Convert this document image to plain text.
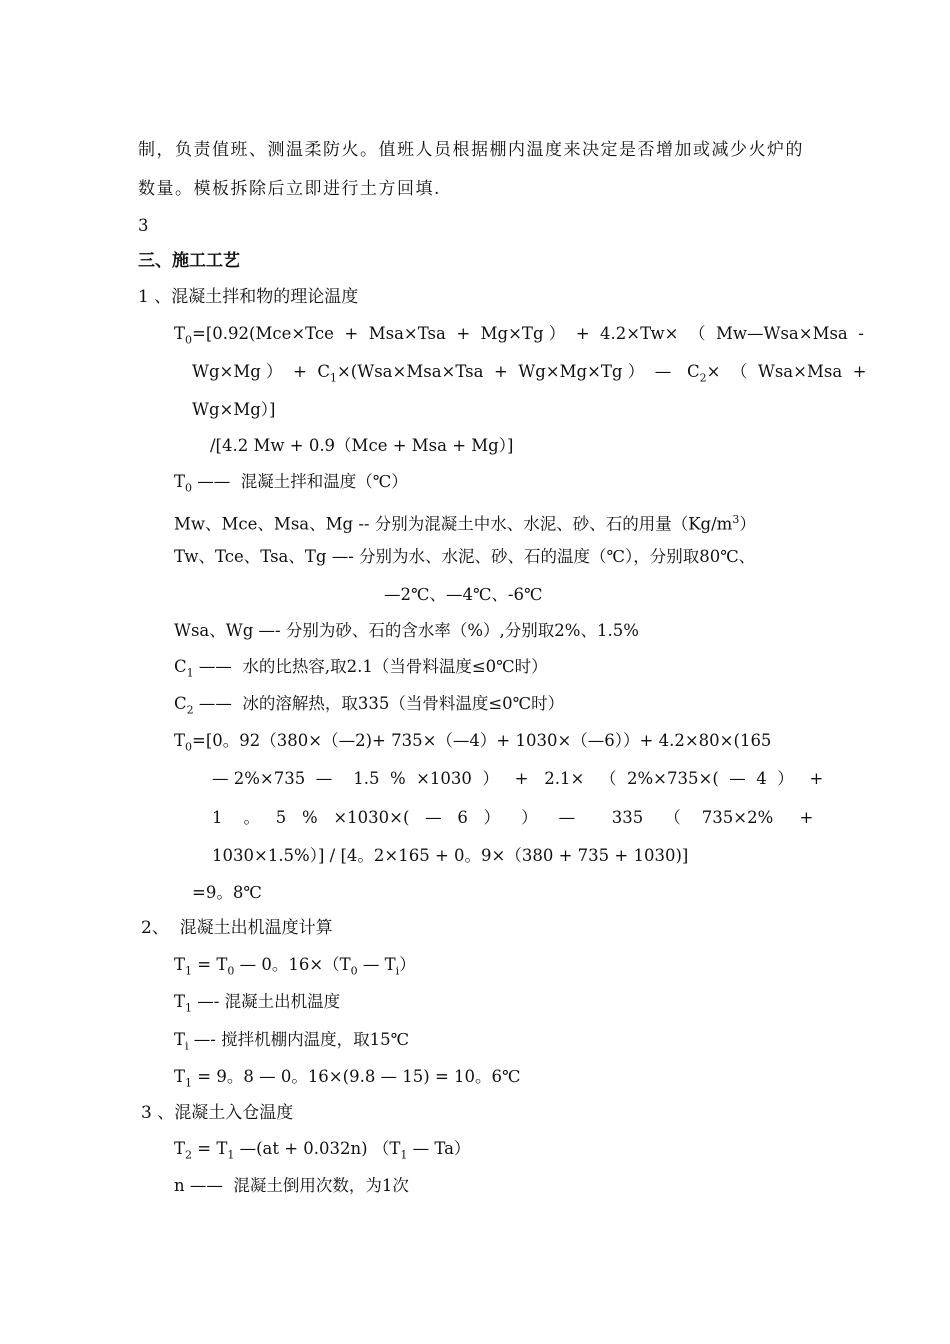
制，负责值班、测温柔防火。值班人员根据棚内温度来决定是否增加或减少火炉的
数量。模板拆除后立即进行土方回填.
3
三、施工工艺
1 、混凝土拌和物的理论温度
$T_0=[0.92(Mce\times Tce + Msa\times Tsa + Mg\times Tg$ ）  +  4.2×Tw×  （  Mw—Wsa×Msa  -
Wg×Mg ）  +  $C_1\times(Wsa\times Msa\times Tsa + Wg\times Mg\times Tg$ ）  —   $C_2\times$  （  Wsa×Msa  +
Wg×Mg）]
/[4.2 Mw + 0.9（Mce + Msa + Mg）]
$T_0$ ——  混凝土拌和温度（℃）
Mw、Mce、Msa、Mg -- 分别为混凝土中水、水泥、砂、石的用量$(Kg/m^3)$
Tw、Tce、Tsa、Tg —- 分别为水、水泥、砂、石的温度（℃），分别取80℃、
—2℃、—4℃、-6℃
Wsa、Wg —- 分别为砂、石的含水率（%）,分别取2%、1.5%
$C_1$ ——  水的比热容,取2.1（当骨料温度≤0℃时）
$C_2$ ——  冰的溶解热，取335（当骨料温度≤0℃时）
$T_0=[0$。92（380×（—2)+ 735×（—4）+ 1030×（—6））+ 4.2×80×(165
— 2%×735  —    1.5  %  ×1030  ）   +   2.1×   （  2%×735×(  —  4  ）   +
1    。   5   %   ×1030×(   —   6   ）    ）    —       335    （    735×2%     +
1030×1.5%）] / [4。2×165 + 0。9×（380 + 735 + 1030)]
=9。8℃
2、  混凝土出机温度计算
$T_1 = T_0$ — 0。$16\times(T_0$ — $T_i$）
$T_1$ —- 混凝土出机温度
$T_i$ —- 搅拌机棚内温度，取15℃
$T_1 = 9$。8 — 0。16×(9.8 — 15) = 10。6℃
3 、混凝土入仓温度
$T_2 = T_1$ —(at + 0.032n) （$T_1$ — Ta）
n ——  混凝土倒用次数，为1次
